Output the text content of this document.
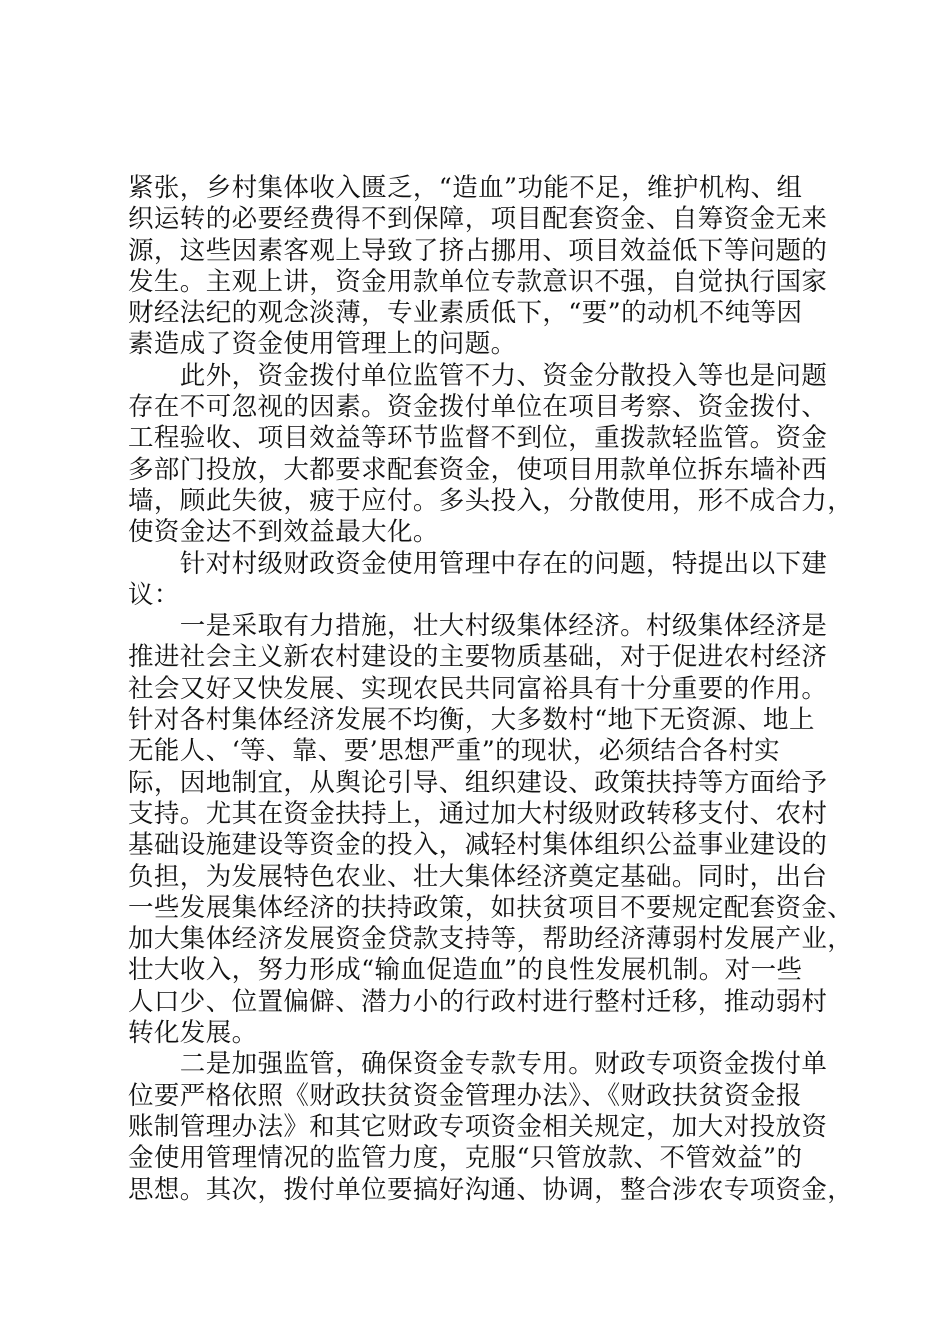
紧张，乡村集体收入匮乏，“造血”功能不足，维护机构、组
织运转的必要经费得不到保障，项目配套资金、自筹资金无来
源，这些因素客观上导致了挤占挪用、项目效益低下等问题的
发生。主观上讲，资金用款单位专款意识不强，自觉执行国家
财经法纪的观念淡薄，专业素质低下，“要”的动机不纯等因
素造成了资金使用管理上的问题。
　　此外，资金拨付单位监管不力、资金分散投入等也是问题
存在不可忽视的因素。资金拨付单位在项目考察、资金拨付、
工程验收、项目效益等环节监督不到位，重拨款轻监管。资金
多部门投放，大都要求配套资金，使项目用款单位拆东墙补西
墙，顾此失彼，疲于应付。多头投入，分散使用，形不成合力，
使资金达不到效益最大化。
　　针对村级财政资金使用管理中存在的问题，特提出以下建
议：
　　一是采取有力措施，壮大村级集体经济。村级集体经济是
推进社会主义新农村建设的主要物质基础，对于促进农村经济
社会又好又快发展、实现农民共同富裕具有十分重要的作用。
针对各村集体经济发展不均衡，大多数村“地下无资源、地上
无能人、‘等、靠、要’思想严重”的现状，必须结合各村实
际，因地制宜，从舆论引导、组织建设、政策扶持等方面给予
支持。尤其在资金扶持上，通过加大村级财政转移支付、农村
基础设施建设等资金的投入，减轻村集体组织公益事业建设的
负担，为发展特色农业、壮大集体经济奠定基础。同时，出台
一些发展集体经济的扶持政策，如扶贫项目不要规定配套资金、
加大集体经济发展资金贷款支持等，帮助经济薄弱村发展产业，
壮大收入，努力形成“输血促造血”的良性发展机制。对一些
人口少、位置偏僻、潜力小的行政村进行整村迁移，推动弱村
转化发展。
　　二是加强监管，确保资金专款专用。财政专项资金拨付单
位要严格依照《财政扶贫资金管理办法》、《财政扶贫资金报
账制管理办法》和其它财政专项资金相关规定，加大对投放资
金使用管理情况的监管力度，克服“只管放款、不管效益”的
思想。其次，拨付单位要搞好沟通、协调，整合涉农专项资金，
